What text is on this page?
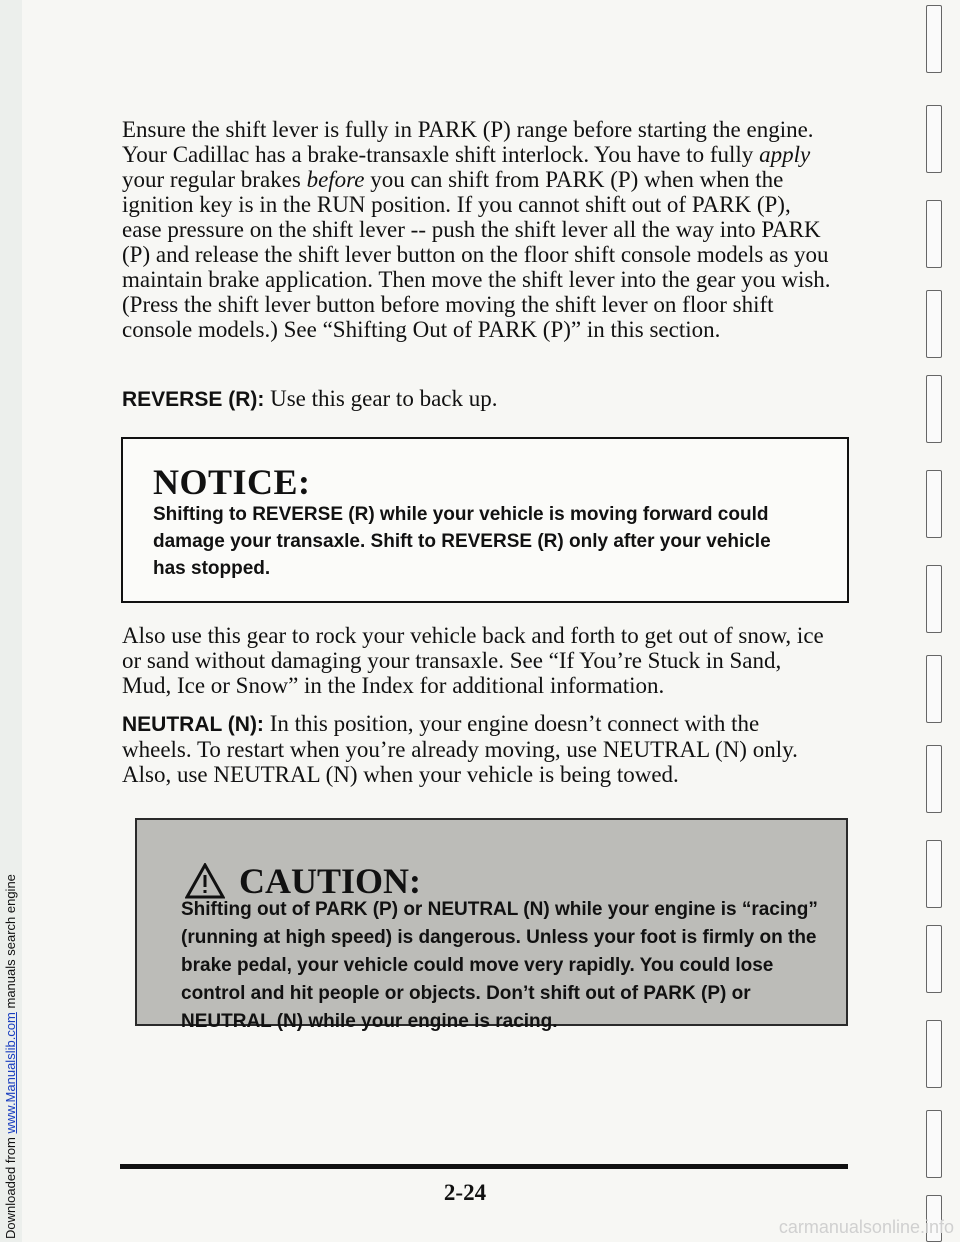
Downloaded from www.Manualslib.com manuals search engine

Ensure the shift lever is fully in PARK (P) range before starting the engine. Your Cadillac has a brake-transaxle shift interlock. You have to fully apply your regular brakes before you can shift from PARK (P) when when the ignition key is in the RUN position. If you cannot shift out of PARK (P), ease pressure on the shift lever -- push the shift lever all the way into PARK (P) and release the shift lever button on the floor shift console models as you maintain brake application. Then move the shift lever into the gear you wish. (Press the shift lever button before moving the shift lever on floor shift console models.) See “Shifting Out of PARK (P)” in this section.

REVERSE (R): Use this gear to back up.

NOTICE:
Shifting to REVERSE (R) while your vehicle is moving forward could damage your transaxle. Shift to REVERSE (R) only after your vehicle has stopped.

Also use this gear to rock your vehicle back and forth to get out of snow, ice or sand without damaging your transaxle. See “If You’re Stuck in Sand, Mud, Ice or Snow” in the Index for additional information.

NEUTRAL (N): In this position, your engine doesn’t connect with the wheels. To restart when you’re already moving, use NEUTRAL (N) only. Also, use NEUTRAL (N) when your vehicle is being towed.

CAUTION:
Shifting out of PARK (P) or NEUTRAL (N) while your engine is “racing” (running at high speed) is dangerous. Unless your foot is firmly on the brake pedal, your vehicle could move very rapidly. You could lose control and hit people or objects. Don’t shift out of PARK (P) or NEUTRAL (N) while your engine is racing.
2-24
carmanualsonline.info
